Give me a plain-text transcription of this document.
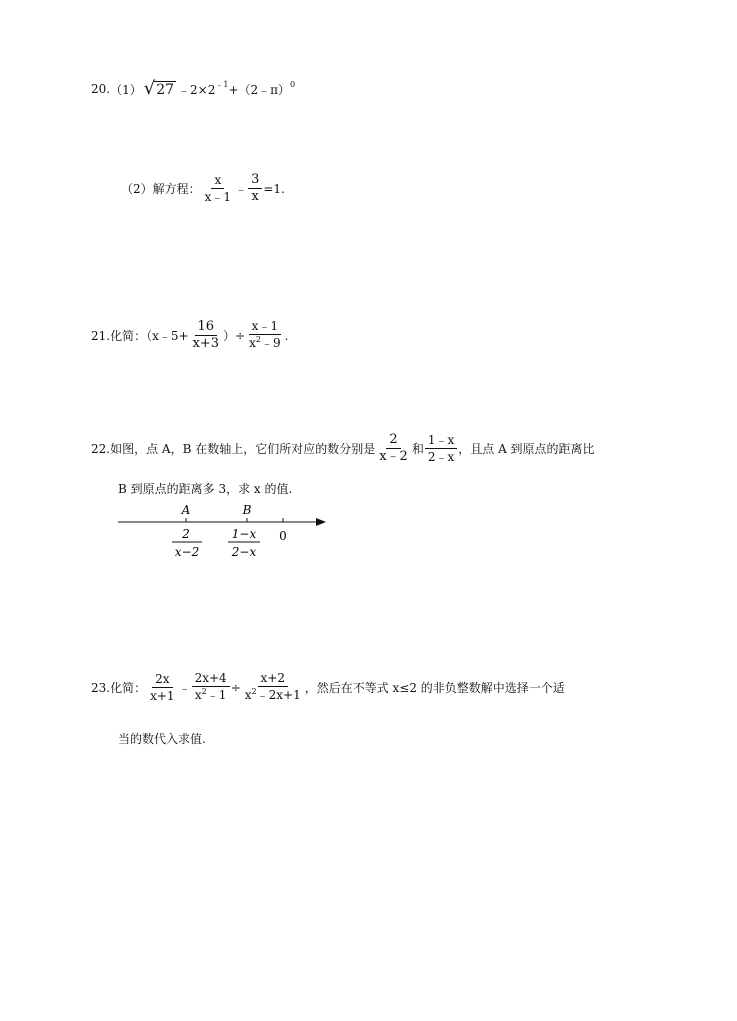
20. （1） √ 27 ﹣2×2 ﹣1 +（2﹣π） 0
（2）解方程： $\frac{x}{x﹣1}$ ﹣ $\frac{3}{x} =1$.
21. 化简：（x﹣5+ $\frac{16}{x+3}$ ）÷ $\frac{x﹣1}{x^2﹣9}$ .
22. 如图，点 A，B 在数轴上，它们所对应的数分别是 $\frac{2}{x﹣2}$ 和 $\frac{1﹣x}{2﹣x}$ ，且点 A 到原点的距离比
B 到原点的距离多 3，求 x 的值.
A	B
2
x−2
1−x
2−x
0
23. 化简： $\frac{2x}{x+1}$ ﹣ $\frac{2x+4}{x^2﹣1} \div \frac{x+2}{x^2﹣2x+1}$ ，然后在不等式 x≤2 的非负整数解中选择一个适
当的数代入求值.
